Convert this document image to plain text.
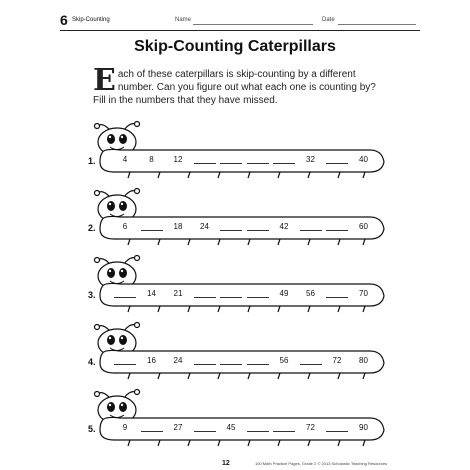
6 Skip-Counting	Name	Date
Skip-Counting Caterpillars
Each of these caterpillars is skip-counting by a different number. Can you figure out what each one is counting by? Fill in the numbers that they have missed.
1.	4	8	12	32	40
2.	6	18	24	42	60
3.	14	21	49	56	70
4.	16	24	56	72	80
5.	9	27	45	72	90
12	100 Math Practice Pages, Grade 2 © 2013 Scholastic Teaching Resources
